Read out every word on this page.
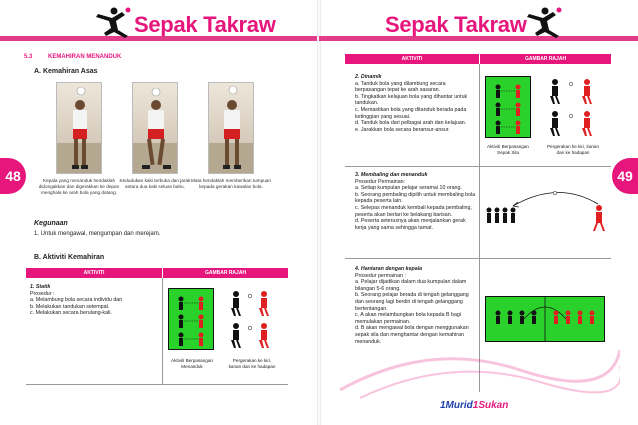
Sepak Takraw
48
5.3	KEMAHIRAN MENANDUK
A. Kemahiran Asas
Kepala yang menanduk hendaklah didongakkan dan digerakkan ke depan menghala ke arah bola yang datang.
Kedudukan kaki terbuka dan jarak antara dua kaki seluas bahu.
Mata hendaklah memberikan tumpuan kepada gerakan kawalan bola.
Kegunaan
1. Untuk mengawal, mengumpan dan merejam.
B. Aktiviti Kemahiran
AKTIVITI	GAMBAR RAJAH
1. Statik
Prosedur :
a. Melambung bola secara individu dan
b. Melakukan tandukan setempat.
c. Melakukan secara berulang-kali.
Aktiviti Berpasangan Menanduk
Pergerakan ke kiri, kanan dan ke hadapan
Sepak Takraw
49
AKTIVITI	GAMBAR RAJAH
2. Dinamik
a. Tanduk bola yang dilambung secara berpasangan tepat ke arah sasaran.
b. Tingkatkan kelajuan bola yang dihantar untuk tandukan.
c. Memastikan bola yang ditanduk berada pada ketinggian yang sesuai.
d. Tanduk bola dari pelbagai arah dan kelajuan.
e. Jarakkan bola secara beransur-ansur.
Aktiviti Berpasangan Sepak Sila
Pergerakan ke kiri, kanan dan ke hadapan
3. Membaling dan menanduk
Prosedur Permainan:
a. Setiap kumpulan pelajar seramai 10 orang.
b. Seorang pembaling dipilih untuk membaling bola kepada peserta lain.
c. Selepas menanduk kembali kepada pembaling, peserta akan berlari ke belakang barisan.
d. Peserta seterusnya akan menjalankan gerak kerja yang sama sehingga tamat.
4. Hantaran dengan kepala
Prosedur permainan :
a. Pelajar dijadikan dalam dua kumpulan dalam bilangan 5-6 orang.
b. Seorang pelajar berada di tengah gelanggang dan seorang lagi berdiri di tengah gelanggang bertentangan.
c. A akan melambungkan bola kepada B bagi memulakan permainan.
d. B akan mengawal bola dengan menggunakan sepak sila dan menghantar dengan kemahiran menanduk.
1Murid1Sukan
